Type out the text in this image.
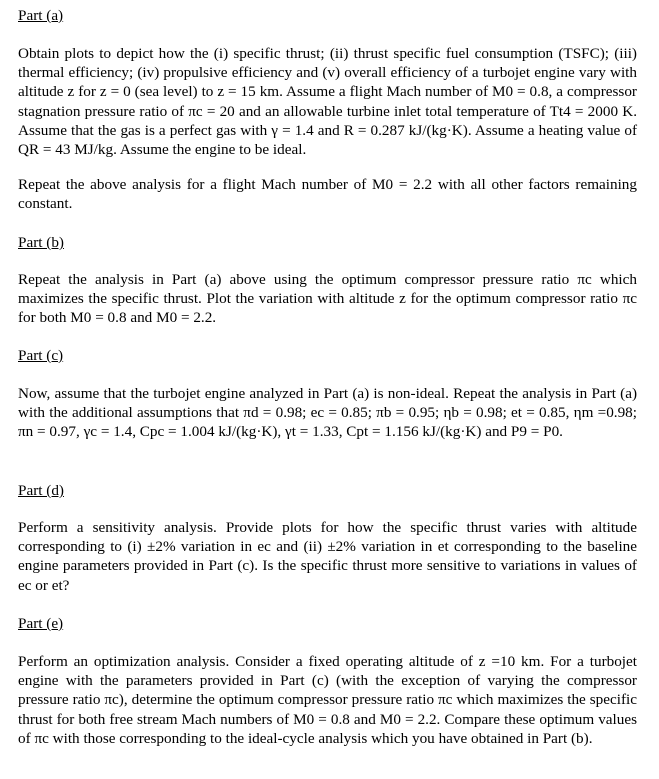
Part (a)

Obtain plots to depict how the (i) specific thrust; (ii) thrust specific fuel consumption (TSFC); (iii) thermal efficiency; (iv) propulsive efficiency and (v) overall efficiency of a turbojet engine vary with altitude z for z = 0 (sea level) to z = 15 km. Assume a flight Mach number of M0 = 0.8, a compressor stagnation pressure ratio of πc = 20 and an allowable turbine inlet total temperature of Tt4 = 2000 K. Assume that the gas is a perfect gas with γ = 1.4 and R = 0.287 kJ/(kg·K). Assume a heating value of QR = 43 MJ/kg. Assume the engine to be ideal.

Repeat the above analysis for a flight Mach number of M0 = 2.2 with all other factors remaining constant.

Part (b)

Repeat the analysis in Part (a) above using the optimum compressor pressure ratio πc which maximizes the specific thrust. Plot the variation with altitude z for the optimum compressor ratio πc for both M0 = 0.8 and M0 = 2.2.

Part (c)

Now, assume that the turbojet engine analyzed in Part (a) is non-ideal. Repeat the analysis in Part (a) with the additional assumptions that πd = 0.98; ec = 0.85; πb = 0.95; ηb = 0.98; et = 0.85, ηm =0.98; πn = 0.97, γc = 1.4, Cpc = 1.004 kJ/(kg·K), γt = 1.33, Cpt = 1.156 kJ/(kg·K) and P9 = P0.

Part (d)

Perform a sensitivity analysis. Provide plots for how the specific thrust varies with altitude corresponding to (i) ±2% variation in ec and (ii) ±2% variation in et corresponding to the baseline engine parameters provided in Part (c). Is the specific thrust more sensitive to variations in values of ec or et?

Part (e)

Perform an optimization analysis. Consider a fixed operating altitude of z =10 km. For a turbojet engine with the parameters provided in Part (c) (with the exception of varying the compressor pressure ratio πc), determine the optimum compressor pressure ratio πc which maximizes the specific thrust for both free stream Mach numbers of M0 = 0.8 and M0 = 2.2. Compare these optimum values of πc with those corresponding to the ideal-cycle analysis which you have obtained in Part (b).
